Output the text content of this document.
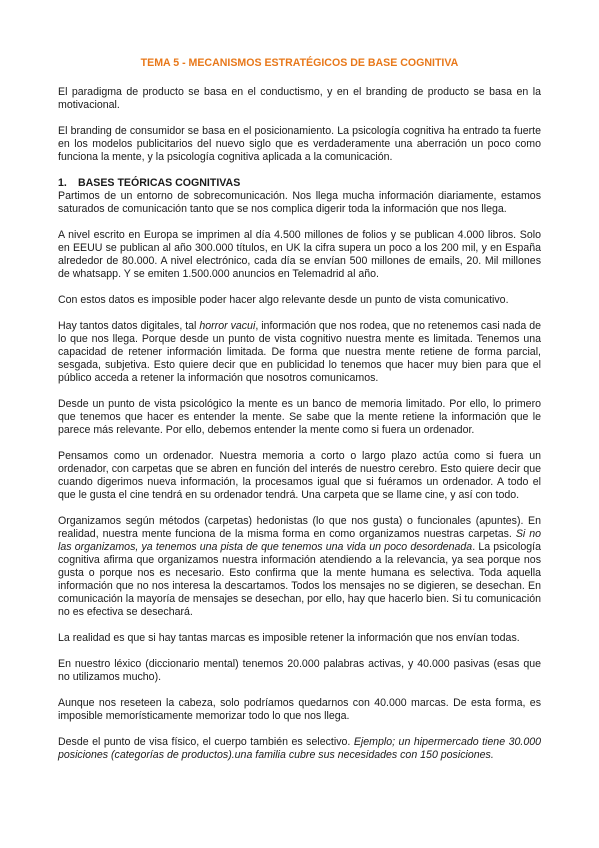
TEMA 5 - MECANISMOS ESTRATÉGICOS DE BASE COGNITIVA

El paradigma de producto se basa en el conductismo, y en el branding de producto se basa en la motivacional.

El branding de consumidor se basa en el posicionamiento. La psicología cognitiva ha entrado ta fuerte en los modelos publicitarios del nuevo siglo que es verdaderamente una aberración un poco como funciona la mente, y la psicología cognitiva aplicada a la comunicación.

1. BASES TEÓRICAS COGNITIVAS

Partimos de un entorno de sobrecomunicación. Nos llega mucha información diariamente, estamos saturados de comunicación tanto que se nos complica digerir toda la información que nos llega.

A nivel escrito en Europa se imprimen al día 4.500 millones de folios y se publican 4.000 libros. Solo en EEUU se publican al año 300.000 títulos, en UK la cifra supera un poco a los 200 mil, y en España alrededor de 80.000. A nivel electrónico, cada día se envían 500 millones de emails, 20. Mil millones de whatsapp. Y se emiten 1.500.000 anuncios en Telemadrid al año.

Con estos datos es imposible poder hacer algo relevante desde un punto de vista comunicativo.

Hay tantos datos digitales, tal horror vacui, información que nos rodea, que no retenemos casi nada de lo que nos llega. Porque desde un punto de vista cognitivo nuestra mente es limitada. Tenemos una capacidad de retener información limitada. De forma que nuestra mente retiene de forma parcial, sesgada, subjetiva. Esto quiere decir que en publicidad lo tenemos que hacer muy bien para que el público acceda a retener la información que nosotros comunicamos.

Desde un punto de vista psicológico la mente es un banco de memoria limitado. Por ello, lo primero que tenemos que hacer es entender la mente. Se sabe que la mente retiene la información que le parece más relevante. Por ello, debemos entender la mente como si fuera un ordenador.

Pensamos como un ordenador. Nuestra memoria a corto o largo plazo actúa como si fuera un ordenador, con carpetas que se abren en función del interés de nuestro cerebro. Esto quiere decir que cuando digerimos nueva información, la procesamos igual que si fuéramos un ordenador. A todo el que le gusta el cine tendrá en su ordenador tendrá. Una carpeta que se llame cine, y así con todo.

Organizamos según métodos (carpetas) hedonistas (lo que nos gusta) o funcionales (apuntes). En realidad, nuestra mente funciona de la misma forma en como organizamos nuestras carpetas. Si no las organizamos, ya tenemos una pista de que tenemos una vida un poco desordenada. La psicología cognitiva afirma que organizamos nuestra información atendiendo a la relevancia, ya sea porque nos gusta o porque nos es necesario. Esto confirma que la mente humana es selectiva. Toda aquella información que no nos interesa la descartamos. Todos los mensajes no se digieren, se desechan. En comunicación la mayoría de mensajes se desechan, por ello, hay que hacerlo bien. Si tu comunicación no es efectiva se desechará.

La realidad es que si hay tantas marcas es imposible retener la información que nos envían todas.

En nuestro léxico (diccionario mental) tenemos 20.000 palabras activas, y 40.000 pasivas (esas que no utilizamos mucho).

Aunque nos reseteen la cabeza, solo podríamos quedarnos con 40.000 marcas. De esta forma, es imposible memorísticamente memorizar todo lo que nos llega.

Desde el punto de visa físico, el cuerpo también es selectivo. Ejemplo; un hipermercado tiene 30.000 posiciones (categorías de productos).una familia cubre sus necesidades con 150 posiciones.
